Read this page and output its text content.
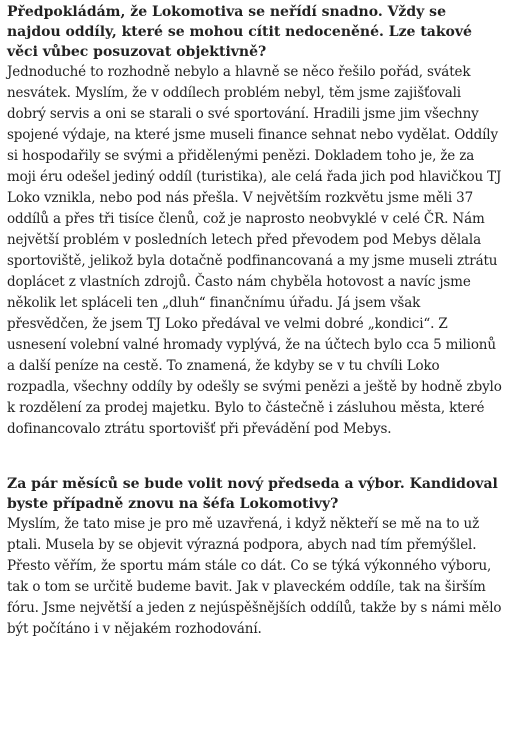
Předpokládám, že Lokomotiva se neřídí snadno. Vždy se najdou oddíly, které se mohou cítit nedoceněné. Lze takové věci vůbec posuzovat objektivně?

Jednoduché to rozhodně nebylo a hlavně se něco řešilo pořád, svátek nesvátek. Myslím, že v oddílech problém nebyl, těm jsme zajišťovali dobrý servis a oni se starali o své sportování. Hradili jsme jim všechny spojené výdaje, na které jsme museli finance sehnat nebo vydělat. Oddíly si hospodařily se svými a přidělenými penězi. Dokladem toho je, že za moji éru odešel jediný oddíl (turistika), ale celá řada jich pod hlavičkou TJ Loko vznikla, nebo pod nás přešla. V největším rozkvětu jsme měli 37 oddílů a přes tři tisíce členů, což je naprosto neobvyklé v celé ČR. Nám největší problém v posledních letech před převodem pod Mebys dělala sportoviště, jelikož byla dotačně podfinancovaná a my jsme museli ztrátu doplácet z vlastních zdrojů. Často nám chyběla hotovost a navíc jsme několik let spláceli ten „dluh“ finančnímu úřadu. Já jsem však přesvědčen, že jsem TJ Loko předával ve velmi dobré „kondici“. Z usnesení volební valné hromady vyplývá, že na účtech bylo cca 5 milionů a další peníze na cestě. To znamená, že kdyby se v tu chvíli Loko rozpadla, všechny oddíly by odešly se svými penězi a ještě by hodně zbylo k rozdělení za prodej majetku. Bylo to částečně i zásluhou města, které dofinancovalo ztrátu sportovišť při převádění pod Mebys.

Za pár měsíců se bude volit nový předseda a výbor. Kandidoval byste případně znovu na šéfa Lokomotivy?

Myslím, že tato mise je pro mě uzavřená, i když někteří se mě na to už ptali. Musela by se objevit výrazná podpora, abych nad tím přemýšlel. Přesto věřím, že sportu mám stále co dát. Co se týká výkonného výboru, tak o tom se určitě budeme bavit. Jak v plaveckém oddíle, tak na širším fóru. Jsme největší a jeden z nejúspěšnějších oddílů, takže by s námi mělo být počítáno i v nějakém rozhodování.
